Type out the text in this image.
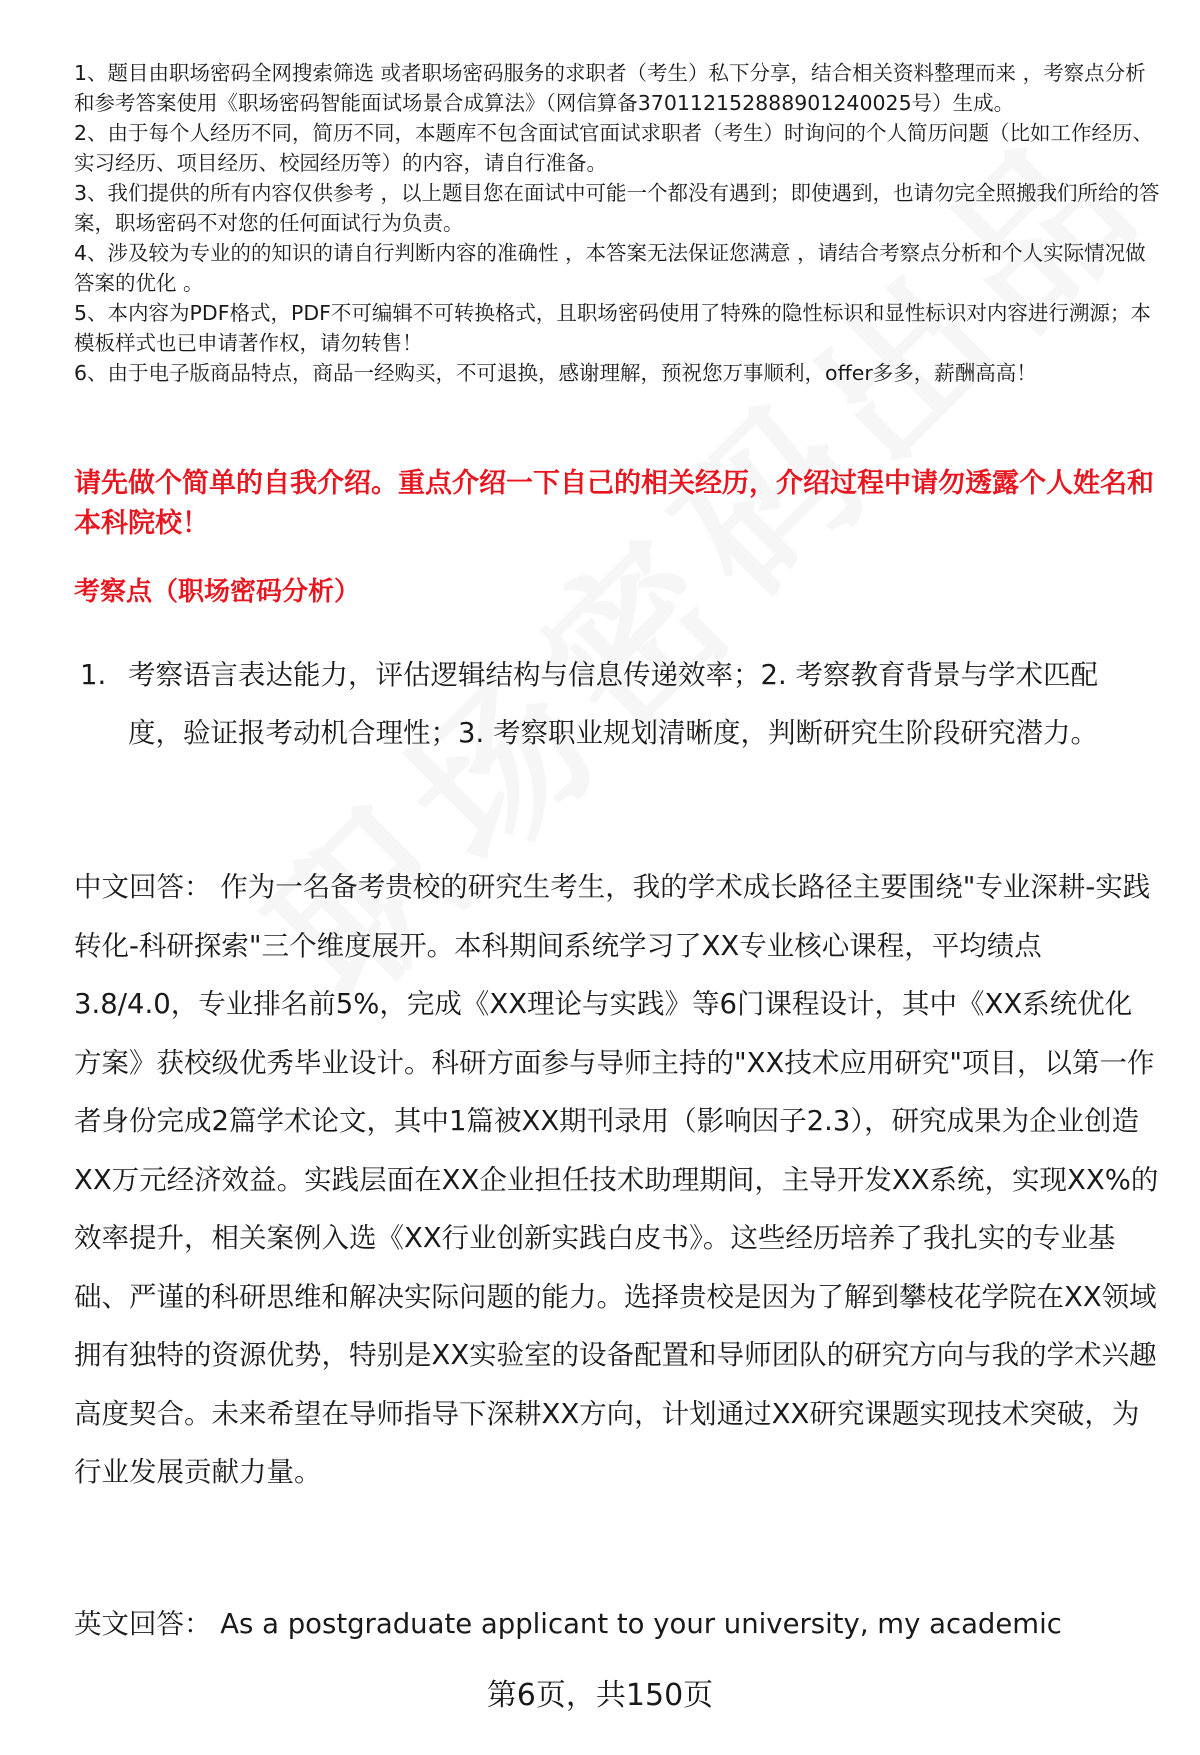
1、题目由职场密码全网搜索筛选 或者职场密码服务的求职者（考生）私下分享，结合相关资料整理而来 ，考察点分析和参考答案使用《职场密码智能面试场景合成算法》（网信算备370112152888901240025号）生成。

2、由于每个人经历不同，简历不同，本题库不包含面试官面试求职者（考生）时询问的个人简历问题（比如工作经历、实习经历、项目经历、校园经历等）的内容，请自行准备。

3、我们提供的所有内容仅供参考 ，以上题目您在面试中可能一个都没有遇到；即使遇到，也请勿完全照搬我们所给的答案，职场密码不对您的任何面试行为负责。

4、涉及较为专业的的知识的请自行判断内容的准确性 ，本答案无法保证您满意 ，请结合考察点分析和个人实际情况做答案的优化 。

5、本内容为PDF格式，PDF不可编辑不可转换格式，且职场密码使用了特殊的隐性标识和显性标识对内容进行溯源；本模板样式也已申请著作权，请勿转售！

6、由于电子版商品特点，商品一经购买，不可退换，感谢理解，预祝您万事顺利，offer多多，薪酬高高！

请先做个简单的自我介绍。重点介绍一下自己的相关经历，介绍过程中请勿透露个人姓名和本科院校！
考察点（职场密码分析）
1. 考察语言表达能力，评估逻辑结构与信息传递效率；2. 考察教育背景与学术匹配度，验证报考动机合理性；3. 考察职业规划清晰度，判断研究生阶段研究潜力。
中文回答： 作为一名备考贵校的研究生考生，我的学术成长路径主要围绕"专业深耕-实践转化-科研探索"三个维度展开。本科期间系统学习了XX专业核心课程，平均绩点3.8/4.0，专业排名前5%，完成《XX理论与实践》等6门课程设计，其中《XX系统优化方案》获校级优秀毕业设计。科研方面参与导师主持的"XX技术应用研究"项目，以第一作者身份完成2篇学术论文，其中1篇被XX期刊录用（影响因子2.3），研究成果为企业创造XX万元经济效益。实践层面在XX企业担任技术助理期间，主导开发XX系统，实现XX%的效率提升，相关案例入选《XX行业创新实践白皮书》。这些经历培养了我扎实的专业基础、严谨的科研思维和解决实际问题的能力。选择贵校是因为了解到攀枝花学院在XX领域拥有独特的资源优势，特别是XX实验室的设备配置和导师团队的研究方向与我的学术兴趣高度契合。未来希望在导师指导下深耕XX方向，计划通过XX研究课题实现技术突破，为行业发展贡献力量。
英文回答： As a postgraduate applicant to your university, my academic
第6页，共150页
